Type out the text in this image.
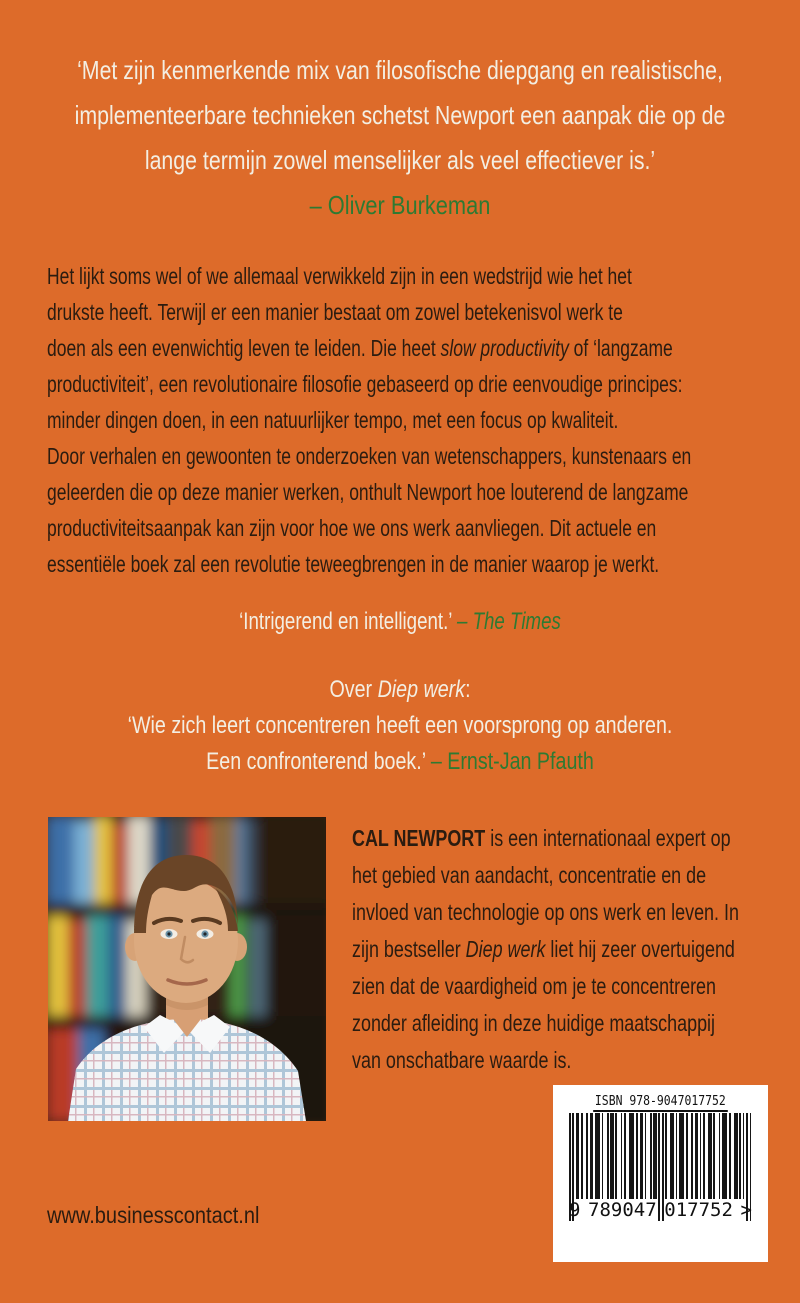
‘Met zijn kenmerkende mix van filosofische diepgang en realistische,
implementeerbare technieken schetst Newport een aanpak die op de
lange termijn zowel menselijker als veel effectiever is.’
– Oliver Burkeman
Het lijkt soms wel of we allemaal verwikkeld zijn in een wedstrijd wie het het
drukste heeft. Terwijl er een manier bestaat om zowel betekenisvol werk te
doen als een evenwichtig leven te leiden. Die heet slow productivity of ‘langzame
productiviteit’, een revolutionaire filosofie gebaseerd op drie eenvoudige principes:
minder dingen doen, in een natuurlijker tempo, met een focus op kwaliteit.
Door verhalen en gewoonten te onderzoeken van wetenschappers, kunstenaars en
geleerden die op deze manier werken, onthult Newport hoe louterend de langzame
productiviteitsaanpak kan zijn voor hoe we ons werk aanvliegen. Dit actuele en
essentiële boek zal een revolutie teweegbrengen in de manier waarop je werkt.
‘Intrigerend en intelligent.’ – The Times
Over Diep werk:
‘Wie zich leert concentreren heeft een voorsprong op anderen.
Een confronterend boek.’ – Ernst-Jan Pfauth
CAL NEWPORT is een internationaal expert op
het gebied van aandacht, concentratie en de
invloed van technologie op ons werk en leven. In
zijn bestseller Diep werk liet hij zeer overtuigend
zien dat de vaardigheid om je te concentreren
zonder afleiding in deze huidige maatschappij
van onschatbare waarde is.
www.businesscontact.nl
ISBN 978-9047017752
9 789047 017752 >
